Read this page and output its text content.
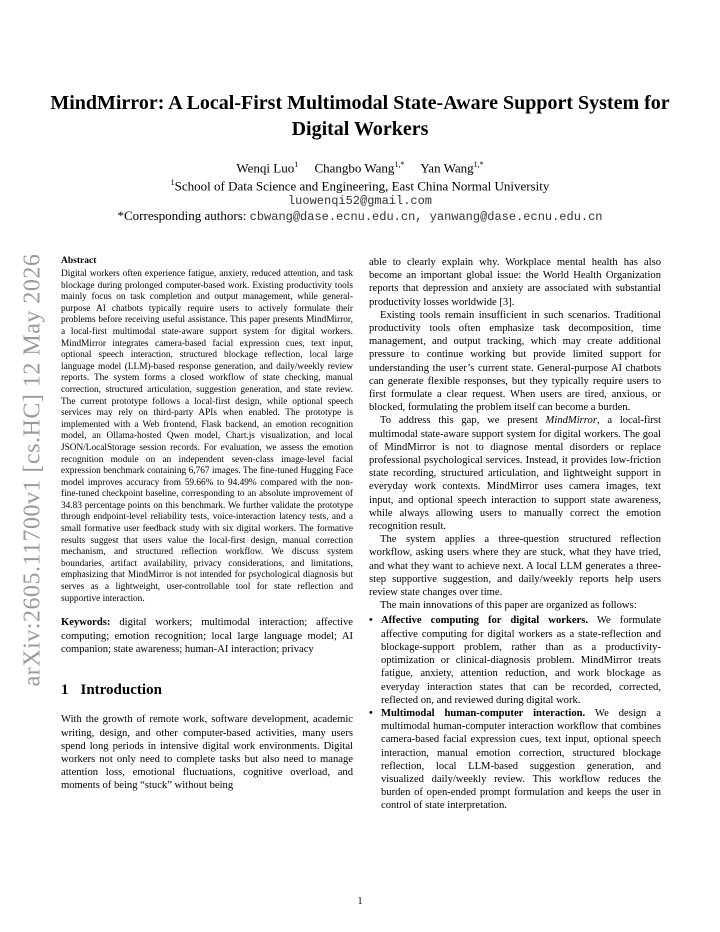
MindMirror: A Local-First Multimodal State-Aware Support System for Digital Workers
Wenqi Luo$^1$ Changbo Wang$^{1,*}$ Yan Wang$^{1,*}$
$^1$School of Data Science and Engineering, East China Normal University
luowenqi52@gmail.com
*Corresponding authors: cbwang@dase.ecnu.edu.cn, yanwang@dase.ecnu.edu.cn
arXiv:2605.11700v1 [cs.HC] 12 May 2026 Abstract

Digital workers often experience fatigue, anxiety, reduced attention, and task blockage during prolonged computer-based work. Existing productivity tools mainly focus on task completion and output management, while general-purpose AI chatbots typically require users to actively formulate their problems before receiving useful assistance. This paper presents MindMirror, a local-first multimodal state-aware support system for digital workers. MindMirror integrates camera-based facial expression cues, text input, optional speech interaction, structured blockage reflection, local large language model (LLM)-based response generation, and daily/weekly review reports. The system forms a closed workflow of state checking, manual correction, structured articulation, suggestion generation, and state review. The current prototype follows a local-first design, while optional speech services may rely on third-party APIs when enabled. The prototype is implemented with a Web frontend, Flask backend, an emotion recognition model, an Ollama-hosted Qwen model, Chart.js visualization, and local JSON/LocalStorage session records. For evaluation, we assess the emotion recognition module on an independent seven-class image-level facial expression benchmark containing 6,767 images. The fine-tuned Hugging Face model improves accuracy from 59.66% to 94.49% compared with the non-fine-tuned checkpoint baseline, corresponding to an absolute improvement of 34.83 percentage points on this benchmark. We further validate the prototype through endpoint-level reliability tests, voice-interaction latency tests, and a small formative user feedback study with six digital workers. The formative results suggest that users value the local-first design, manual correction mechanism, and structured reflection workflow. We discuss system boundaries, artifact availability, privacy considerations, and limitations, emphasizing that MindMirror is not intended for psychological diagnosis but serves as a lightweight, user-controllable tool for state reflection and supportive interaction.

Keywords: digital workers; multimodal interaction; affective computing; emotion recognition; local large language model; AI companion; state awareness; human-AI interaction; privacy

1 Introduction

With the growth of remote work, software development, academic writing, design, and other computer-based activities, many users spend long periods in intensive digital work environments. Digital workers not only need to complete tasks but also need to manage attention loss, emotional fluctuations, cognitive overload, and moments of being “stuck” without being

able to clearly explain why. Workplace mental health has also become an important global issue: the World Health Organization reports that depression and anxiety are associated with substantial productivity losses worldwide [3].

Existing tools remain insufficient in such scenarios. Traditional productivity tools often emphasize task decomposition, time management, and output tracking, which may create additional pressure to continue working but provide limited support for understanding the user’s current state. General-purpose AI chatbots can generate flexible responses, but they typically require users to first formulate a clear request. When users are tired, anxious, or blocked, formulating the problem itself can become a burden.

To address this gap, we present MindMirror, a local-first multimodal state-aware support system for digital workers. The goal of MindMirror is not to diagnose mental disorders or replace professional psychological services. Instead, it provides low-friction state recording, structured articulation, and lightweight support in everyday work contexts. MindMirror uses camera images, text input, and optional speech interaction to support state awareness, while always allowing users to manually correct the emotion recognition result.

The system applies a three-question structured reflection workflow, asking users where they are stuck, what they have tried, and what they want to achieve next. A local LLM generates a three-step supportive suggestion, and daily/weekly reports help users review state changes over time.

The main innovations of this paper are organized as follows:

• Affective computing for digital workers. We formulate affective computing for digital workers as a state-reflection and blockage-support problem, rather than as a productivity-optimization or clinical-diagnosis problem. MindMirror treats fatigue, anxiety, attention reduction, and work blockage as everyday interaction states that can be recorded, corrected, reflected on, and reviewed during digital work.
• Multimodal human-computer interaction. We design a multimodal human-computer interaction workflow that combines camera-based facial expression cues, text input, optional speech interaction, manual emotion correction, structured blockage reflection, local LLM-based suggestion generation, and visualized daily/weekly review. This workflow reduces the burden of open-ended prompt formulation and keeps the user in control of state interpretation.
1
